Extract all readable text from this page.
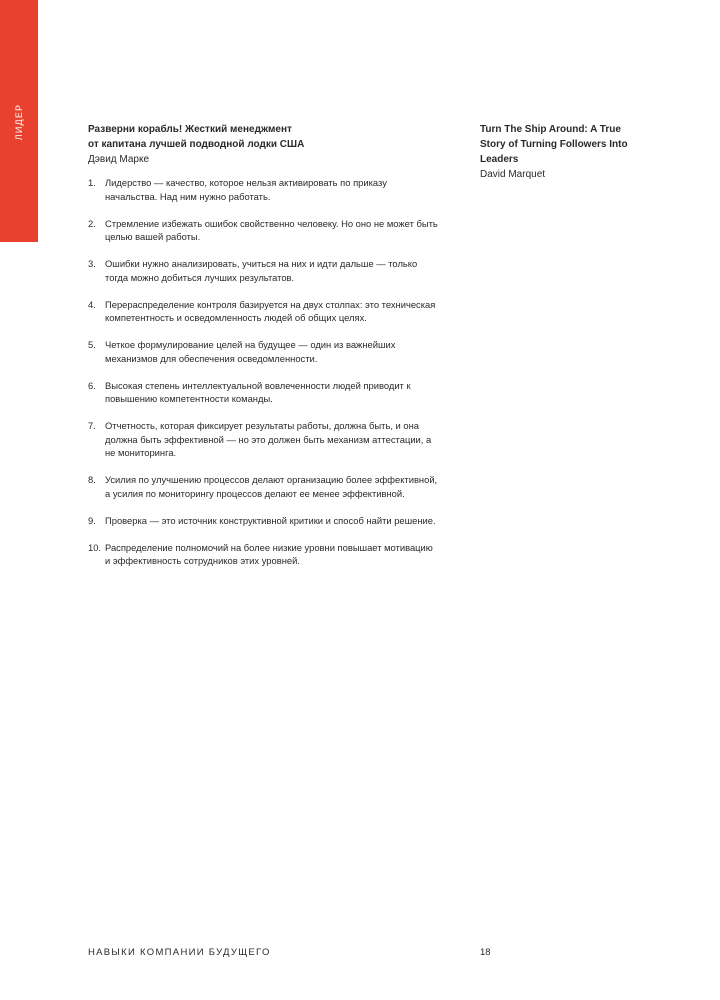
ЛИДЕР	Разверни корабль! Жесткий менеджмент
от капитана лучшей подводной лодки США
Дэвид Марке
Turn The Ship Around: A True
Story of Turning Followers Into
Leaders
David Marquet
1. Лидерство — качество, которое нельзя активировать по приказу начальства. Над ним нужно работать.
2. Стремление избежать ошибок свойственно человеку. Но оно не может быть целью вашей работы.
3. Ошибки нужно анализировать, учиться на них и идти дальше — только тогда можно добиться лучших результатов.
4. Перераспределение контроля базируется на двух столпах: это техническая компетентность и осведомленность людей об общих целях.
5. Четкое формулирование целей на будущее — один из важнейших механизмов для обеспечения осведомленности.
6. Высокая степень интеллектуальной вовлеченности людей приводит к повышению компетентности команды.
7. Отчетность, которая фиксирует результаты работы, должна быть, и она должна быть эффективной — но это должен быть механизм аттестации, а не мониторинга.
8. Усилия по улучшению процессов делают организацию более эффективной, а усилия по мониторингу процессов делают ее менее эффективной.
9. Проверка — это источник конструктивной критики и способ найти решение.
10. Распределение полномочий на более низкие уровни повышает мотивацию и эффективность сотрудников этих уровней.
НАВЫКИ КОМПАНИИ БУДУЩЕГО	18
